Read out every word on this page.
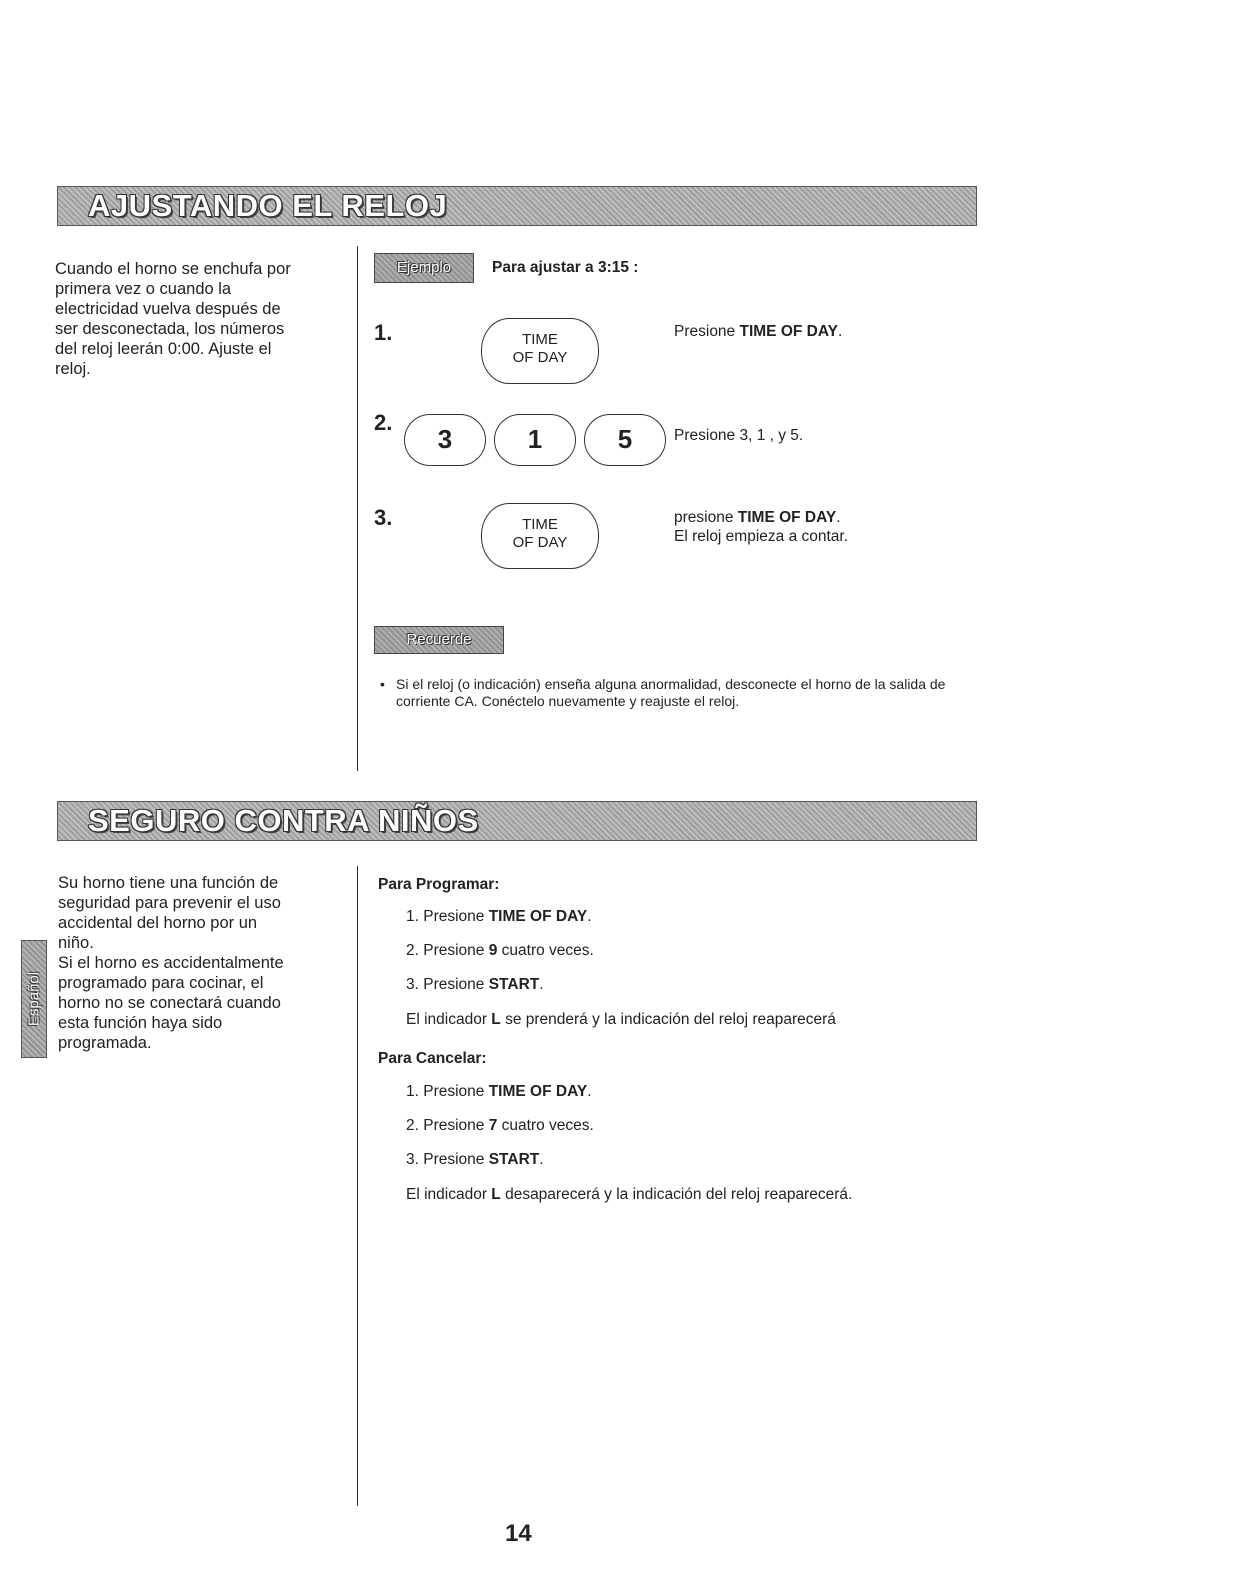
AJUSTANDO EL RELOJ

Cuando el horno se enchufa por
primera vez o cuando la
electricidad vuelva después de
ser desconectada, los números
del reloj leerán 0:00. Ajuste el
reloj.

Ejemplo	Para ajustar a 3:15 :
1.	TIME
OF DAY
Presione TIME OF DAY.
2.
3	1	5	Presione 3, 1 , y 5.
3.	TIME
OF DAY
presione TIME OF DAY.
El reloj empieza a contar.
Recuerde
• Si el reloj (o indicación) enseña alguna anormalidad, desconecte el horno de la salida de corriente CA. Conéctelo nuevamente y reajuste el reloj.
SEGURO CONTRA NIÑOS

Su horno tiene una función de
seguridad para prevenir el uso
accidental del horno por un
niño.
Si el horno es accidentalmente
programado para cocinar, el
horno no se conectará cuando
esta función haya sido
programada.

Español
Para Programar:
1. Presione TIME OF DAY.
2. Presione 9 cuatro veces.
3. Presione START.
El indicador L se prenderá y la indicación del reloj reaparecerá
Para Cancelar:
1. Presione TIME OF DAY.
2. Presione 7 cuatro veces.
3. Presione START.
El indicador L desaparecerá y la indicación del reloj reaparecerá.
14
